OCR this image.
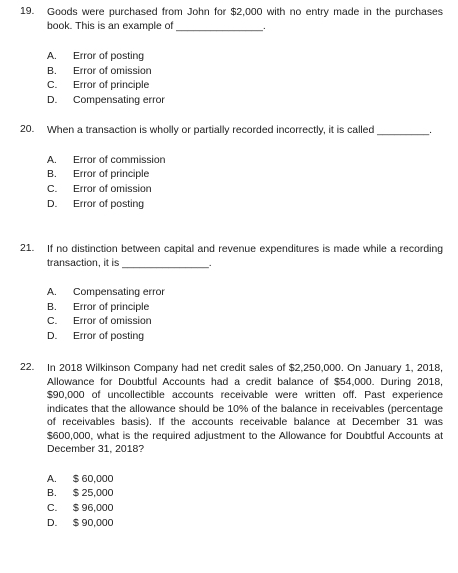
19.	Goods were purchased from John for $2,000 with no entry made in the purchases book. This is an example of _______________.
A.	Error of posting
B.	Error of omission
C.	Error of principle
D.	Compensating error
20.	When a transaction is wholly or partially recorded incorrectly, it is called _________.
A.	Error of commission
B.	Error of principle
C.	Error of omission
D.	Error of posting
21.	If no distinction between capital and revenue expenditures is made while a recording transaction, it is _______________.
A.	Compensating error
B.	Error of principle
C.	Error of omission
D.	Error of posting
22.	In 2018 Wilkinson Company had net credit sales of $2,250,000. On January 1, 2018, Allowance for Doubtful Accounts had a credit balance of $54,000. During 2018, $90,000 of uncollectible accounts receivable were written off. Past experience indicates that the allowance should be 10% of the balance in receivables (percentage of receivables basis). If the accounts receivable balance at December 31 was $600,000, what is the required adjustment to the Allowance for Doubtful Accounts at December 31, 2018?
A.	$ 60,000
B.	$ 25,000
C.	$ 96,000
D.	$ 90,000
